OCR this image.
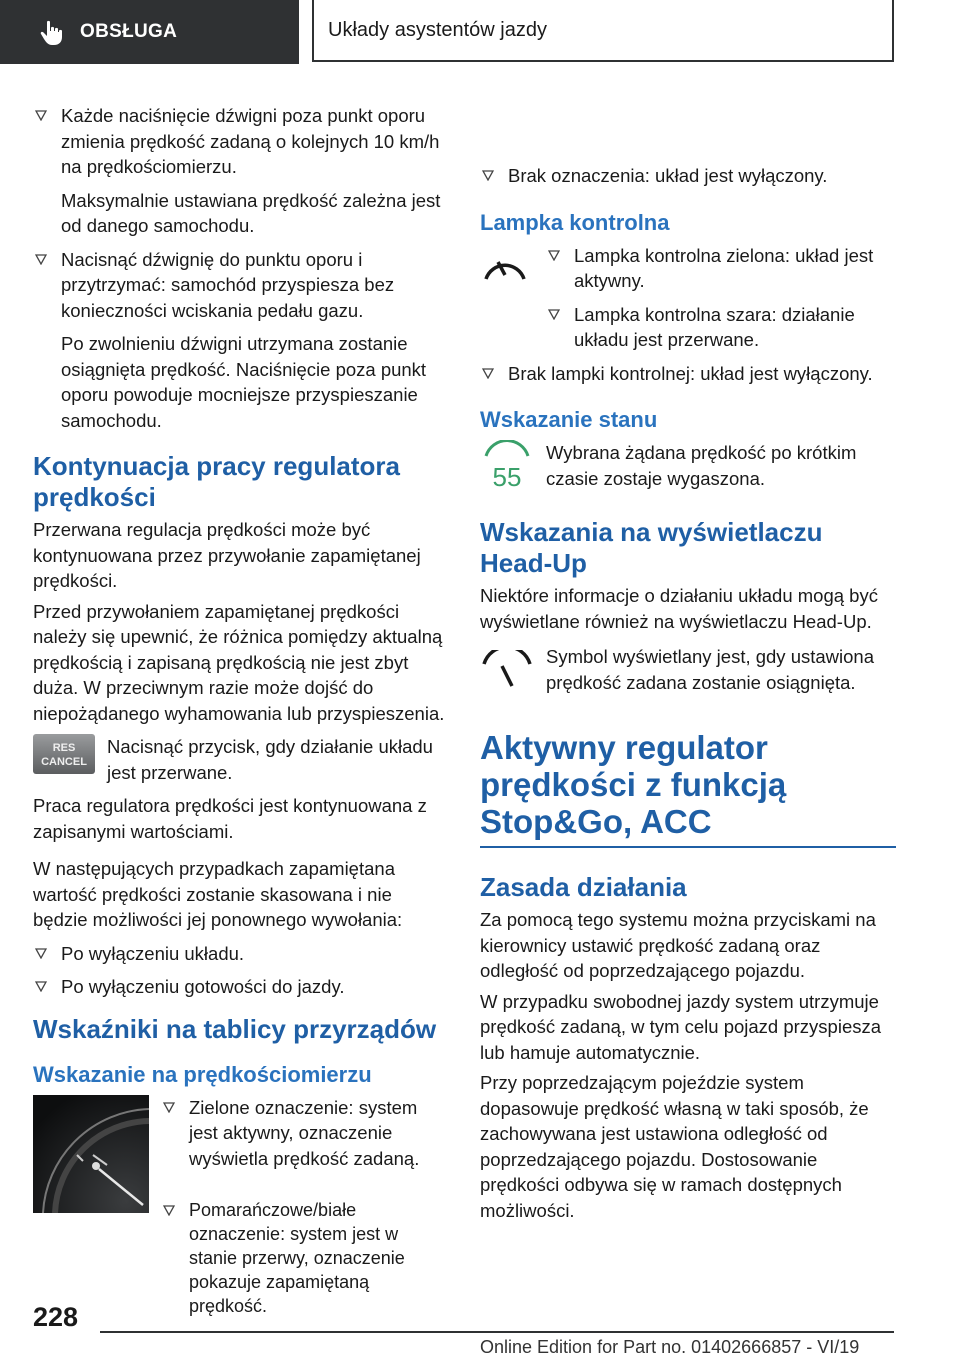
OBSŁUGA	Układy asystentów jazdy

Każde naciśnięcie dźwigni poza punkt oporu zmienia prędkość zadaną o kolejnych 10 km/h na prędkościomierzu.

Maksymalnie ustawiana prędkość zależna jest od danego samochodu.

Nacisnąć dźwignię do punktu oporu i przytrzymać: samochód przyspiesza bez konieczności wciskania pedału gazu.

Po zwolnieniu dźwigni utrzymana zostanie osiągnięta prędkość. Naciśnięcie poza punkt oporu powoduje mocniejsze przyspieszanie samochodu.

Kontynuacja pracy regulatora prędkości

Przerwana regulacja prędkości może być kontynuowana przez przywołanie zapamiętanej prędkości.

Przed przywołaniem zapamiętanej prędkości należy się upewnić, że różnica pomiędzy aktualną prędkością i zapisaną prędkością nie jest zbyt duża. W przeciwnym razie może dojść do niepożądanego wyhamowania lub przyspieszenia.

RES
CANCEL

Nacisnąć przycisk, gdy działanie układu jest przerwane.

Praca regulatora prędkości jest kontynuowana z zapisanymi wartościami.

W następujących przypadkach zapamiętana wartość prędkości zostanie skasowana i nie będzie możliwości jej ponownego wywołania:

Po wyłączeniu układu.

Po wyłączeniu gotowości do jazdy.

Wskaźniki na tablicy przyrządów
Wskazanie na prędkościomierzu

Zielone oznaczenie: system jest aktywny, oznaczenie wyświetla prędkość zadaną.

Pomarańczowe/białe oznaczenie: system jest w stanie przerwy, oznaczenie pokazuje zapamiętaną prędkość.

Brak oznaczenia: układ jest wyłączony.

Lampka kontrolna

Lampka kontrolna zielona: układ jest aktywny.

Lampka kontrolna szara: działanie układu jest przerwane.

Brak lampki kontrolnej: układ jest wyłączony.

Wskazanie stanu
55

Wybrana żądana prędkość po krótkim czasie zostaje wygaszona.

Wskazania na wyświetlaczu Head-Up

Niektóre informacje o działaniu układu mogą być wyświetlane również na wyświetlaczu Head-Up.

Symbol wyświetlany jest, gdy ustawiona prędkość zadana zostanie osiągnięta.

Aktywny regulator prędkości z funkcją Stop&Go, ACC
Zasada działania

Za pomocą tego systemu można przyciskami na kierownicy ustawić prędkość zadaną oraz odległość od poprzedzającego pojazdu.

W przypadku swobodnej jazdy system utrzymuje prędkość zadaną, w tym celu pojazd przyspiesza lub hamuje automatycznie.

Przy poprzedzającym pojeździe system dopasowuje prędkość własną w taki sposób, że zachowywana jest ustawiona odległość od poprzedzającego pojazdu. Dostosowanie prędkości odbywa się w ramach dostępnych możliwości.

228
Online Edition for Part no. 01402666857 - VI/19
